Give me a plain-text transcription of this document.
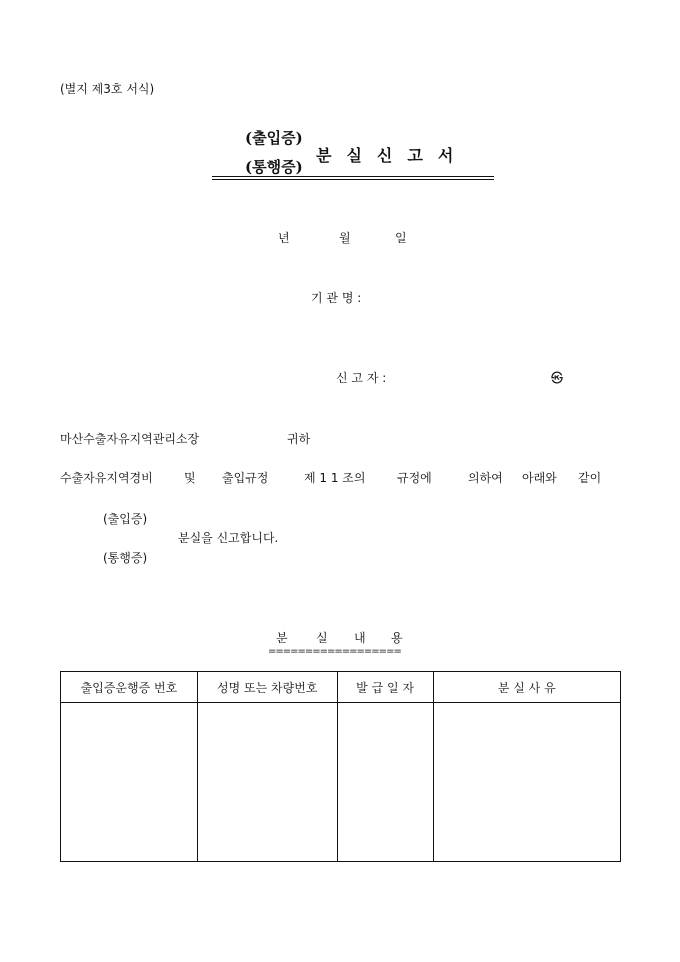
(별지 제3호 서식)
(출입증)
(통행증)
분실신고서
년	월	일
기 관 명 :
신 고 자 :	㉿
마산수출자유지역관리소장	귀하
수출자유지역경비	및 출입규정	제 1 1 조의	규정에	의하여 아래와 같이
(출입증)
분실을 신고합니다.
(통행증)
분 실 내 용
==================
출입증운행증 번호	성명 또는 차량번호	발 급 일 자	분 실 사 유
